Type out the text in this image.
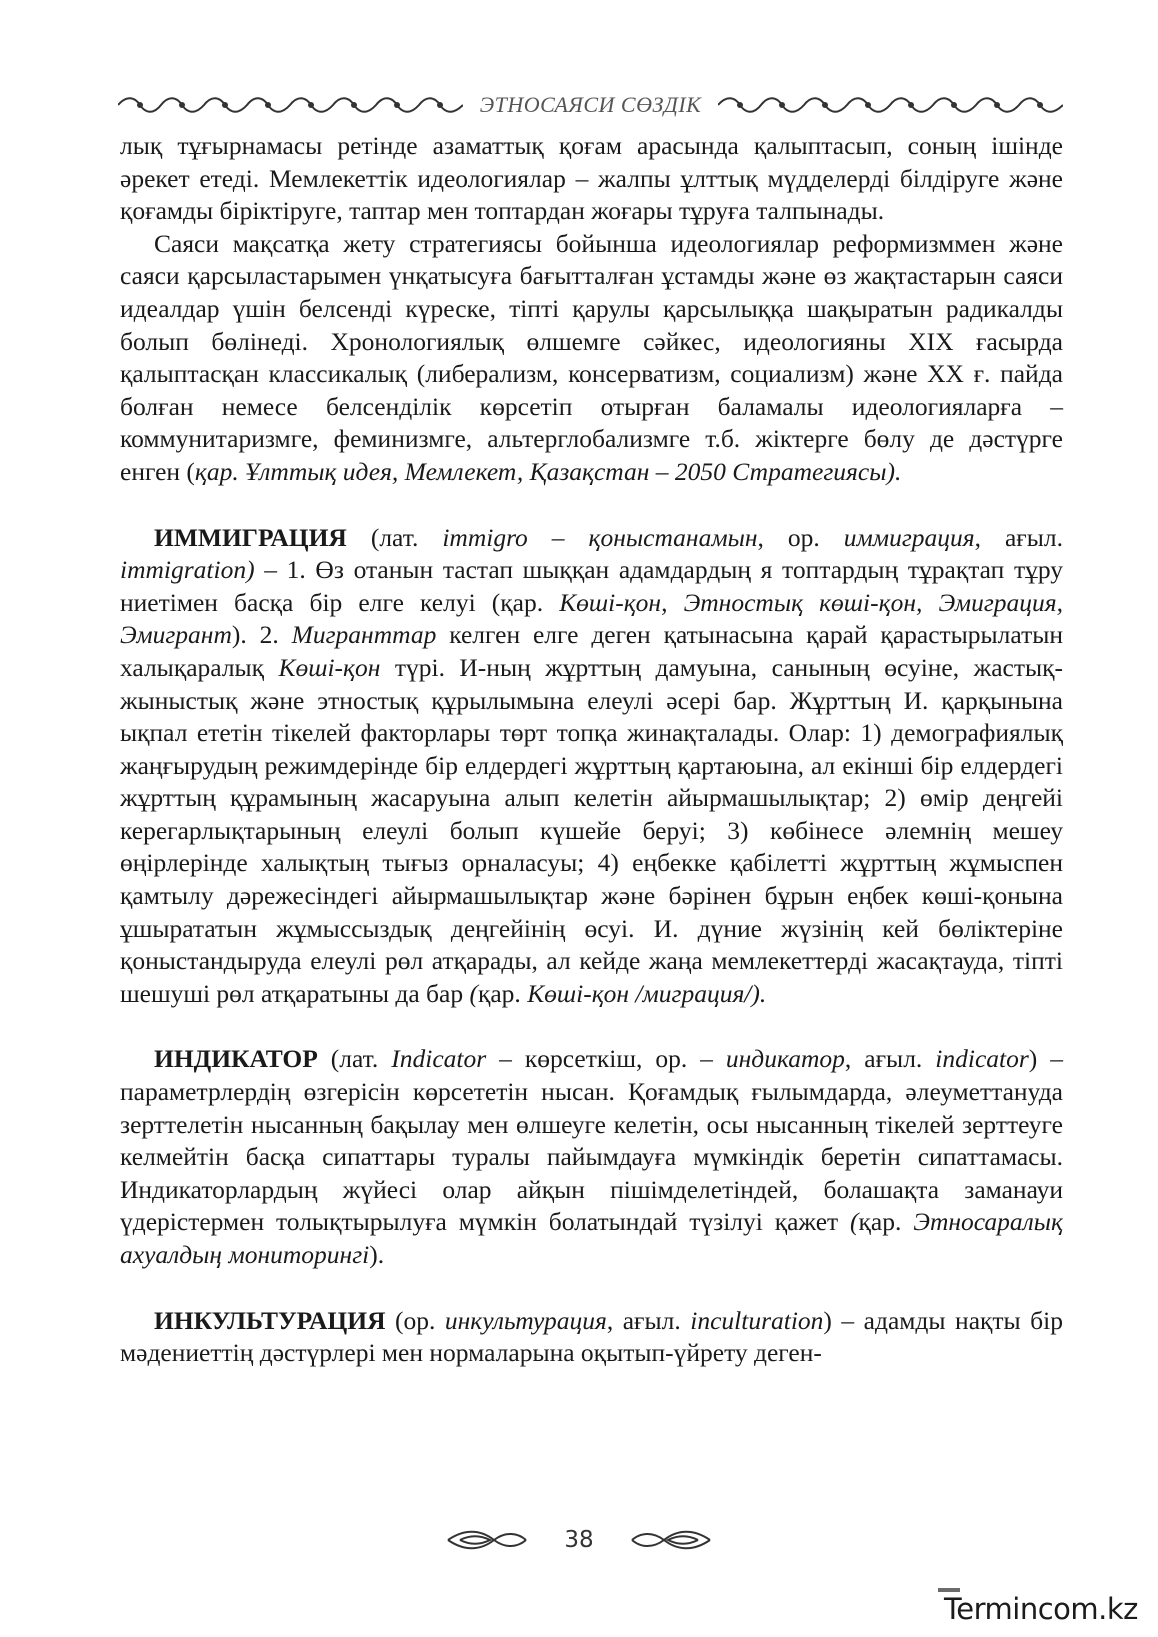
ЭТНОСАЯСИ СӨЗДІК

лық тұғырнамасы ретінде азаматтық қоғам арасында қалыптасып, соның ішінде әрекет етеді. Мемлекеттік идеологиялар – жалпы ұлттық мүдделерді білдіруге және қоғамды біріктіруге, таптар мен топтардан жоғары тұруға талпынады.

Саяси мақсатқа жету стратегиясы бойынша идеологиялар реформизммен және саяси қарсыластарымен үнқатысуға бағытталған ұстамды және өз жақтастарын саяси идеалдар үшін белсенді күреске, тіпті қарулы қарсылыққа шақыратын радикалды болып бөлінеді. Хронологиялық өлшемге сәйкес, идеологияны ХІХ ғасырда қалыптасқан классикалық (либерализм, консерватизм, социализм) және ХХ ғ. пайда болған немесе белсенділік көрсетіп отырған баламалы идеологияларға – коммунитаризмге, феминизмге, альтерглобализмге т.б. жіктерге бөлу де дәстүрге енген (қар. Ұлттық идея, Мемлекет, Қазақстан – 2050 Стратегиясы).

ИММИГРАЦИЯ (лат. immigro – қоныстанамын, ор. иммиграция, ағыл. immigration) – 1. Өз отанын тастап шыққан адамдардың я топтардың тұрақтап тұру ниетімен басқа бір елге келуі (қар. Көші-қон, Этностық көші-қон, Эмиграция, Эмигрант). 2. Мигранттар келген елге деген қатынасына қарай қарастырылатын халықаралық Көші-қон түрі. И-ның жұрттың дамуына, санының өсуіне, жастық-жыныстық және этностық құрылымына елеулі әсері бар. Жұрттың И. қарқынына ықпал ететін тікелей факторлары төрт топқа жинақталады. Олар: 1) демографиялық жаңғырудың режимдерінде бір елдердегі жұрттың қартаюына, ал екінші бір елдердегі жұрттың құрамының жасаруына алып келетін айырмашылықтар; 2) өмір деңгейі керегарлықтарының елеулі болып күшейе беруі; 3) көбінесе әлемнің мешеу өңірлерінде халықтың тығыз орналасуы; 4) еңбекке қабілетті жұрттың жұмыспен қамтылу дәрежесіндегі айырмашылықтар және бәрінен бұрын еңбек көші-қонына ұшырататын жұмыссыздық деңгейінің өсуі. И. дүние жүзінің кей бөліктеріне қоныстандыруда елеулі рөл атқарады, ал кейде жаңа мемлекеттерді жасақтауда, тіпті шешуші рөл атқаратыны да бар (қар. Көші-қон /миграция/).

ИНДИКАТОР (лат. Indicator – көрсеткіш, ор. – индикатор, ағыл. indicator) – параметрлердің өзгерісін көрсететін нысан. Қоғамдық ғылымдарда, әлеуметтануда зерттелетін нысанның бақылау мен өлшеуге келетін, осы нысанның тікелей зерттеуге келмейтін басқа сипаттары туралы пайымдауға мүмкіндік беретін сипаттамасы. Индикаторлардың жүйесі олар айқын пішімделетіндей, болашақта заманауи үдерістермен толықтырылуға мүмкін болатындай түзілуі қажет (қар. Этносаралық ахуалдың мониторингі).

ИНКУЛЬТУРАЦИЯ (ор. инкультурация, ағыл. inculturation) – адамды нақты бір мәдениеттің дәстүрлері мен нормаларына оқытып-үйрету деген-

38
Termincom.kz
